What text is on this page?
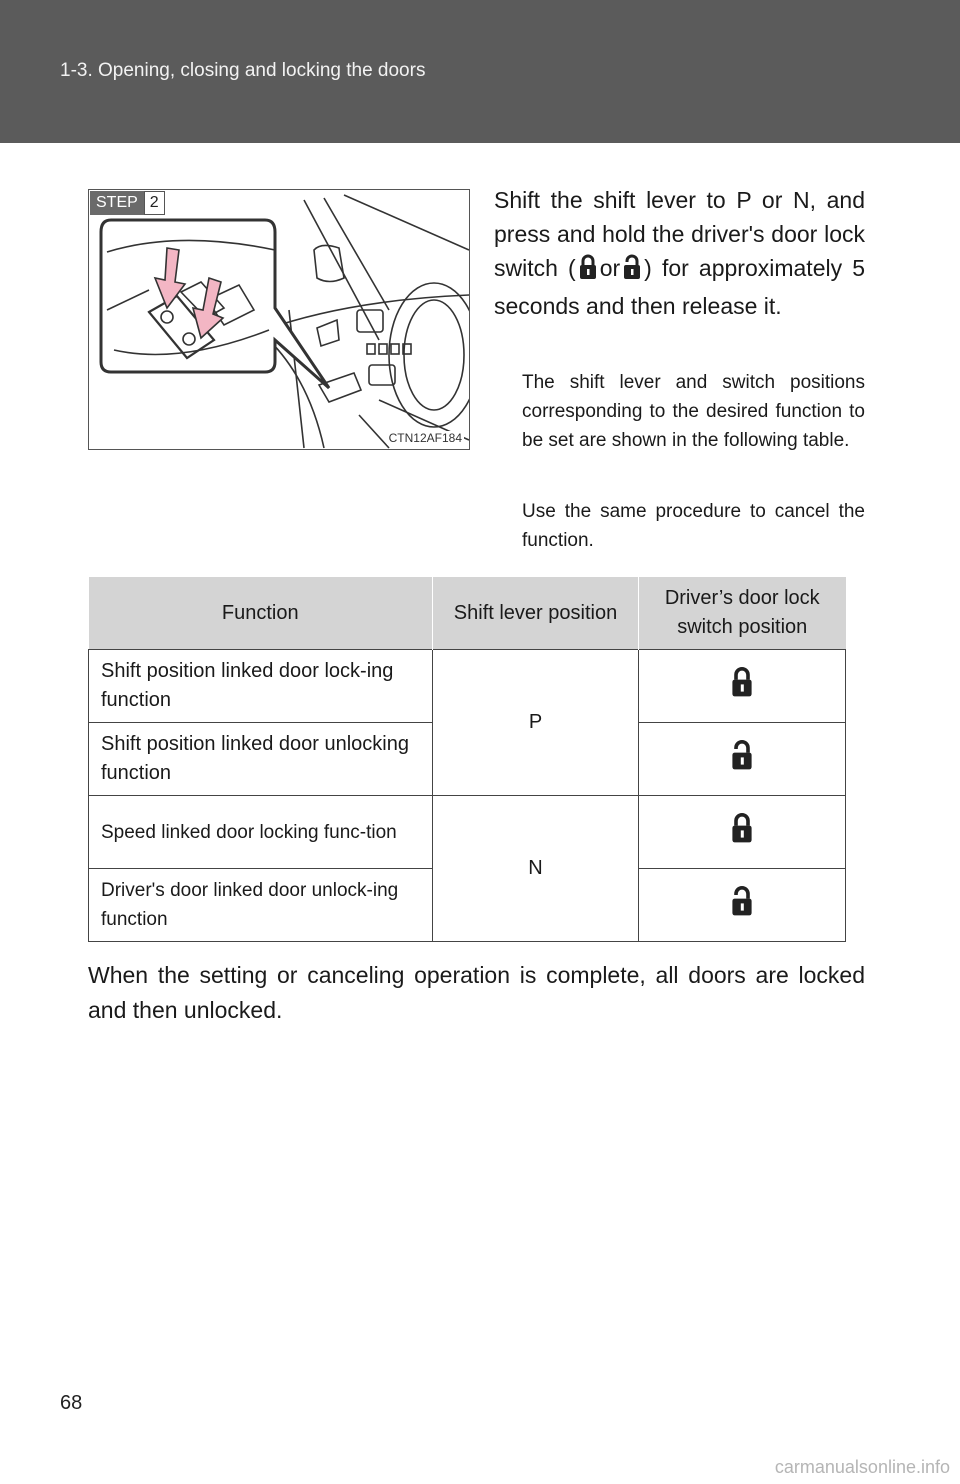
1-3. Opening, closing and locking the doors
STEP 2
CTN12AF184
Shift the shift lever to P or N, and press and hold the driver's door lock switch ( or ) for approximately 5 seconds and then release it.
The shift lever and switch positions corresponding to the desired function to be set are shown in the following table.
Use the same procedure to cancel the function.
Function	Shift lever position	Driver’s door lock switch position
Shift position linked door lock-ing function	P	
Shift position linked door unlocking function	
Speed linked door locking func-tion	N	
Driver's door linked door unlock-ing function	
When the setting or canceling operation is complete, all doors are locked and then unlocked.
68
carmanualsonline.info
